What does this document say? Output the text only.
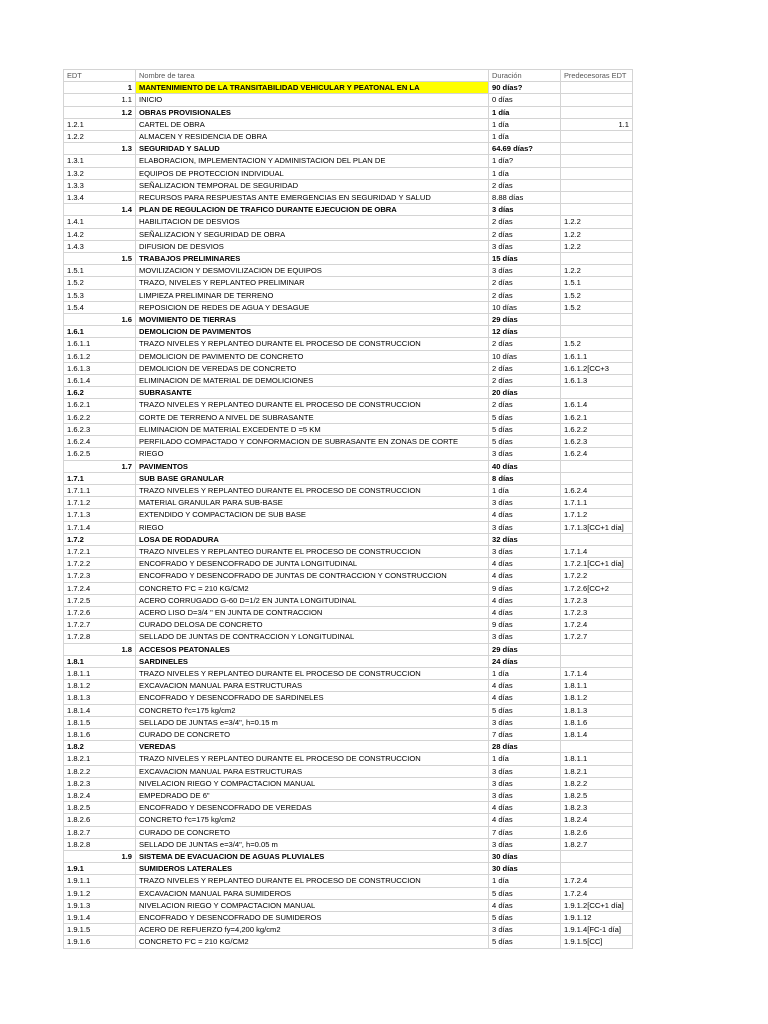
EDT	Nombre de tarea	Duración	Predecesoras EDT
1	MANTENIMIENTO DE LA TRANSITABILIDAD VEHICULAR Y PEATONAL EN LA	90 días?	
1.1	INICIO	0 días	
1.2	OBRAS PROVISIONALES	1 día	
1.2.1	CARTEL DE OBRA	1 día	1.1
1.2.2	ALMACEN Y RESIDENCIA DE OBRA	1 día	
1.3	SEGURIDAD Y SALUD	64.69 días?	
1.3.1	ELABORACION, IMPLEMENTACION Y ADMINISTACION DEL PLAN DE	1 día?	
1.3.2	EQUIPOS DE PROTECCION INDIVIDUAL	1 día	
1.3.3	SEÑALIZACION TEMPORAL DE SEGURIDAD	2 días	
1.3.4	RECURSOS PARA RESPUESTAS ANTE EMERGENCIAS EN SEGURIDAD Y SALUD	8.88 días	
1.4	PLAN DE REGULACION DE TRAFICO DURANTE EJECUCION DE OBRA	3 días	
1.4.1	HABILITACION DE DESVIOS	2 días	1.2.2
1.4.2	SEÑALIZACION Y SEGURIDAD DE OBRA	2 días	1.2.2
1.4.3	DIFUSION DE DESVIOS	3 días	1.2.2
1.5	TRABAJOS PRELIMINARES	15 días	
1.5.1	MOVILIZACION Y DESMOVILIZACION DE EQUIPOS	3 días	1.2.2
1.5.2	TRAZO, NIVELES Y REPLANTEO PRELIMINAR	2 días	1.5.1
1.5.3	LIMPIEZA PRELIMINAR DE TERRENO	2 días	1.5.2
1.5.4	REPOSICION DE REDES DE AGUA Y DESAGUE	10 días	1.5.2
1.6	MOVIMIENTO DE TIERRAS	29 días	
1.6.1	DEMOLICION DE PAVIMENTOS	12 días	
1.6.1.1	TRAZO NIVELES Y REPLANTEO DURANTE EL PROCESO DE CONSTRUCCION	2 días	1.5.2
1.6.1.2	DEMOLICION DE PAVIMENTO DE CONCRETO	10 días	1.6.1.1
1.6.1.3	DEMOLICION DE VEREDAS DE CONCRETO	2 días	1.6.1.2[CC+3
1.6.1.4	ELIMINACION DE MATERIAL DE DEMOLICIONES	2 días	1.6.1.3
1.6.2	SUBRASANTE	20 días	
1.6.2.1	TRAZO NIVELES Y REPLANTEO DURANTE EL PROCESO DE CONSTRUCCION	2 días	1.6.1.4
1.6.2.2	CORTE DE TERRENO A NIVEL DE SUBRASANTE	5 días	1.6.2.1
1.6.2.3	ELIMINACION DE MATERIAL EXCEDENTE D =5 KM	5 días	1.6.2.2
1.6.2.4	PERFILADO COMPACTADO Y CONFORMACION DE SUBRASANTE EN ZONAS DE CORTE	5 días	1.6.2.3
1.6.2.5	RIEGO	3 días	1.6.2.4
1.7	PAVIMENTOS	40 días	
1.7.1	SUB BASE GRANULAR	8 días	
1.7.1.1	TRAZO NIVELES Y REPLANTEO DURANTE EL PROCESO DE CONSTRUCCION	1 día	1.6.2.4
1.7.1.2	MATERIAL GRANULAR PARA SUB-BASE	3 días	1.7.1.1
1.7.1.3	EXTENDIDO Y COMPACTACION DE SUB BASE	4 días	1.7.1.2
1.7.1.4	RIEGO	3 días	1.7.1.3[CC+1 día]
1.7.2	LOSA DE RODADURA	32 días	
1.7.2.1	TRAZO NIVELES Y REPLANTEO DURANTE EL PROCESO DE CONSTRUCCION	3 días	1.7.1.4
1.7.2.2	ENCOFRADO Y DESENCOFRADO DE JUNTA LONGITUDINAL	4 días	1.7.2.1[CC+1 día]
1.7.2.3	ENCOFRADO Y DESENCOFRADO DE JUNTAS DE CONTRACCION Y CONSTRUCCION	4 días	1.7.2.2
1.7.2.4	CONCRETO F'C = 210 KG/CM2	9 días	1.7.2.6[CC+2
1.7.2.5	ACERO CORRUGADO G-60 D=1/2 EN JUNTA LONGITUDINAL	4 días	1.7.2.3
1.7.2.6	ACERO LISO D=3/4 " EN JUNTA DE CONTRACCION	4 días	1.7.2.3
1.7.2.7	CURADO DELOSA DE CONCRETO	9 días	1.7.2.4
1.7.2.8	SELLADO DE JUNTAS DE CONTRACCION Y LONGITUDINAL	3 días	1.7.2.7
1.8	ACCESOS PEATONALES	29 días	
1.8.1	SARDINELES	24 días	
1.8.1.1	TRAZO NIVELES Y REPLANTEO DURANTE EL PROCESO DE CONSTRUCCION	1 día	1.7.1.4
1.8.1.2	EXCAVACION MANUAL PARA ESTRUCTURAS	4 días	1.8.1.1
1.8.1.3	ENCOFRADO Y DESENCOFRADO DE SARDINELES	4 días	1.8.1.2
1.8.1.4	CONCRETO f'c=175 kg/cm2	5 días	1.8.1.3
1.8.1.5	SELLADO DE JUNTAS e=3/4", h=0.15 m	3 días	1.8.1.6
1.8.1.6	CURADO DE CONCRETO	7 días	1.8.1.4
1.8.2	VEREDAS	28 días	
1.8.2.1	TRAZO NIVELES Y REPLANTEO DURANTE EL PROCESO DE CONSTRUCCION	1 día	1.8.1.1
1.8.2.2	EXCAVACION MANUAL PARA ESTRUCTURAS	3 días	1.8.2.1
1.8.2.3	NIVELACION RIEGO Y COMPACTACION MANUAL	3 días	1.8.2.2
1.8.2.4	EMPEDRADO DE 6"	3 días	1.8.2.5
1.8.2.5	ENCOFRADO Y DESENCOFRADO DE VEREDAS	4 días	1.8.2.3
1.8.2.6	CONCRETO f'c=175 kg/cm2	4 días	1.8.2.4
1.8.2.7	CURADO DE CONCRETO	7 días	1.8.2.6
1.8.2.8	SELLADO DE JUNTAS e=3/4", h=0.05 m	3 días	1.8.2.7
1.9	SISTEMA DE EVACUACION DE AGUAS PLUVIALES	30 días	
1.9.1	SUMIDEROS LATERALES	30 días	
1.9.1.1	TRAZO NIVELES Y REPLANTEO DURANTE EL PROCESO DE CONSTRUCCION	1 día	1.7.2.4
1.9.1.2	EXCAVACION MANUAL PARA SUMIDEROS	5 días	1.7.2.4
1.9.1.3	NIVELACION RIEGO Y COMPACTACION MANUAL	4 días	1.9.1.2[CC+1 día]
1.9.1.4	ENCOFRADO Y DESENCOFRADO DE SUMIDEROS	5 días	1.9.1.12
1.9.1.5	ACERO DE REFUERZO fy=4,200 kg/cm2	3 días	1.9.1.4[FC-1 día]
1.9.1.6	CONCRETO F'C = 210 KG/CM2	5 días	1.9.1.5[CC]
